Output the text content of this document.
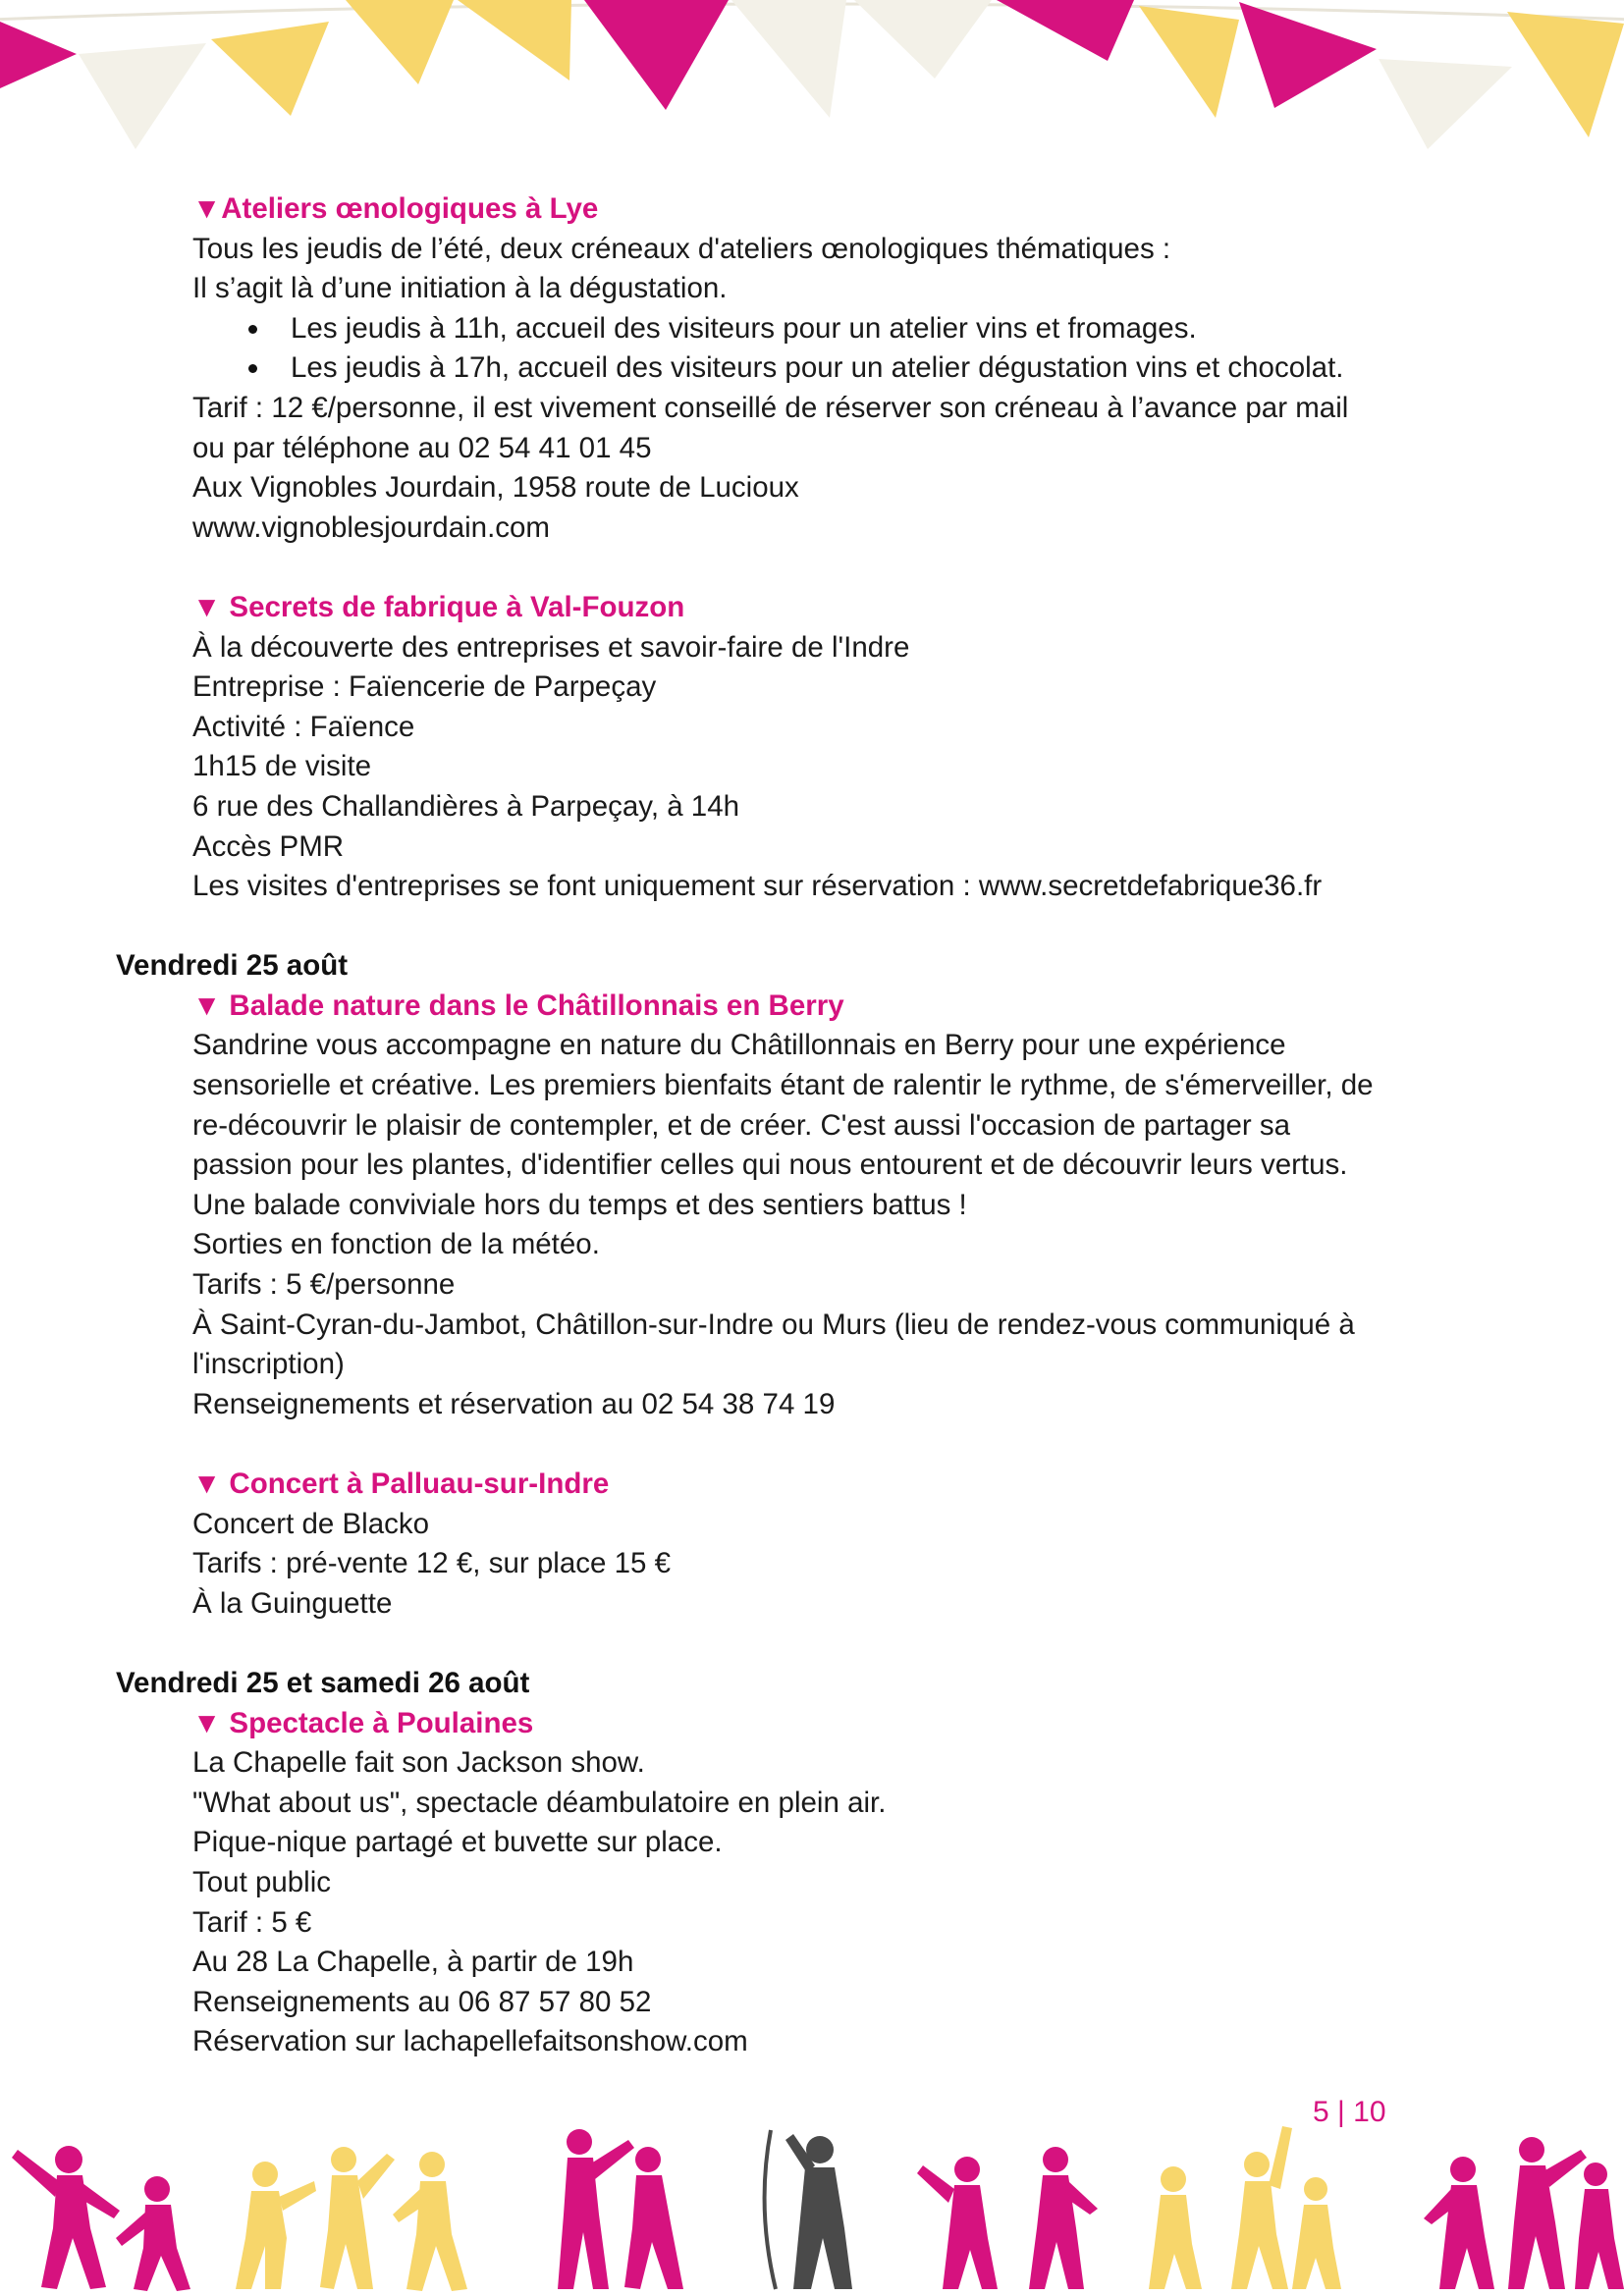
▼Ateliers œnologiques à Lye
Tous les jeudis de l’été, deux créneaux d'ateliers œnologiques thématiques :
Il s’agit là d’une initiation à la dégustation.
Les jeudis à 11h, accueil des visiteurs pour un atelier vins et fromages.
Les jeudis à 17h, accueil des visiteurs pour un atelier dégustation vins et chocolat.
Tarif : 12 €/personne, il est vivement conseillé de réserver son créneau à l’avance par mail
ou par téléphone au 02 54 41 01 45
Aux Vignobles Jourdain, 1958 route de Lucioux
www.vignoblesjourdain.com
▼ Secrets de fabrique à Val-Fouzon
À la découverte des entreprises et savoir-faire de l'Indre
Entreprise : Faïencerie de Parpeçay
Activité : Faïence
1h15 de visite
6 rue des Challandières à Parpeçay, à 14h
Accès PMR
Les visites d'entreprises se font uniquement sur réservation : www.secretdefabrique36.fr
Vendredi 25 août
▼ Balade nature dans le Châtillonnais en Berry
Sandrine vous accompagne en nature du Châtillonnais en Berry pour une expérience
sensorielle et créative. Les premiers bienfaits étant de ralentir le rythme, de s'émerveiller, de
re-découvrir le plaisir de contempler, et de créer. C'est aussi l'occasion de partager sa
passion pour les plantes, d'identifier celles qui nous entourent et de découvrir leurs vertus.
Une balade conviviale hors du temps et des sentiers battus !
Sorties en fonction de la météo.
Tarifs : 5 €/personne
À Saint-Cyran-du-Jambot, Châtillon-sur-Indre ou Murs (lieu de rendez-vous communiqué à
l'inscription)
Renseignements et réservation au 02 54 38 74 19
▼ Concert à Palluau-sur-Indre
Concert de Blacko
Tarifs : pré-vente 12 €, sur place 15 €
À la Guinguette
Vendredi 25 et samedi 26 août
▼ Spectacle à Poulaines
La Chapelle fait son Jackson show.
"What about us", spectacle déambulatoire en plein air.
Pique-nique partagé et buvette sur place.
Tout public
Tarif : 5 €
Au 28 La Chapelle, à partir de 19h
Renseignements au 06 87 57 80 52
Réservation sur lachapellefaitsonshow.com
5 | 10
